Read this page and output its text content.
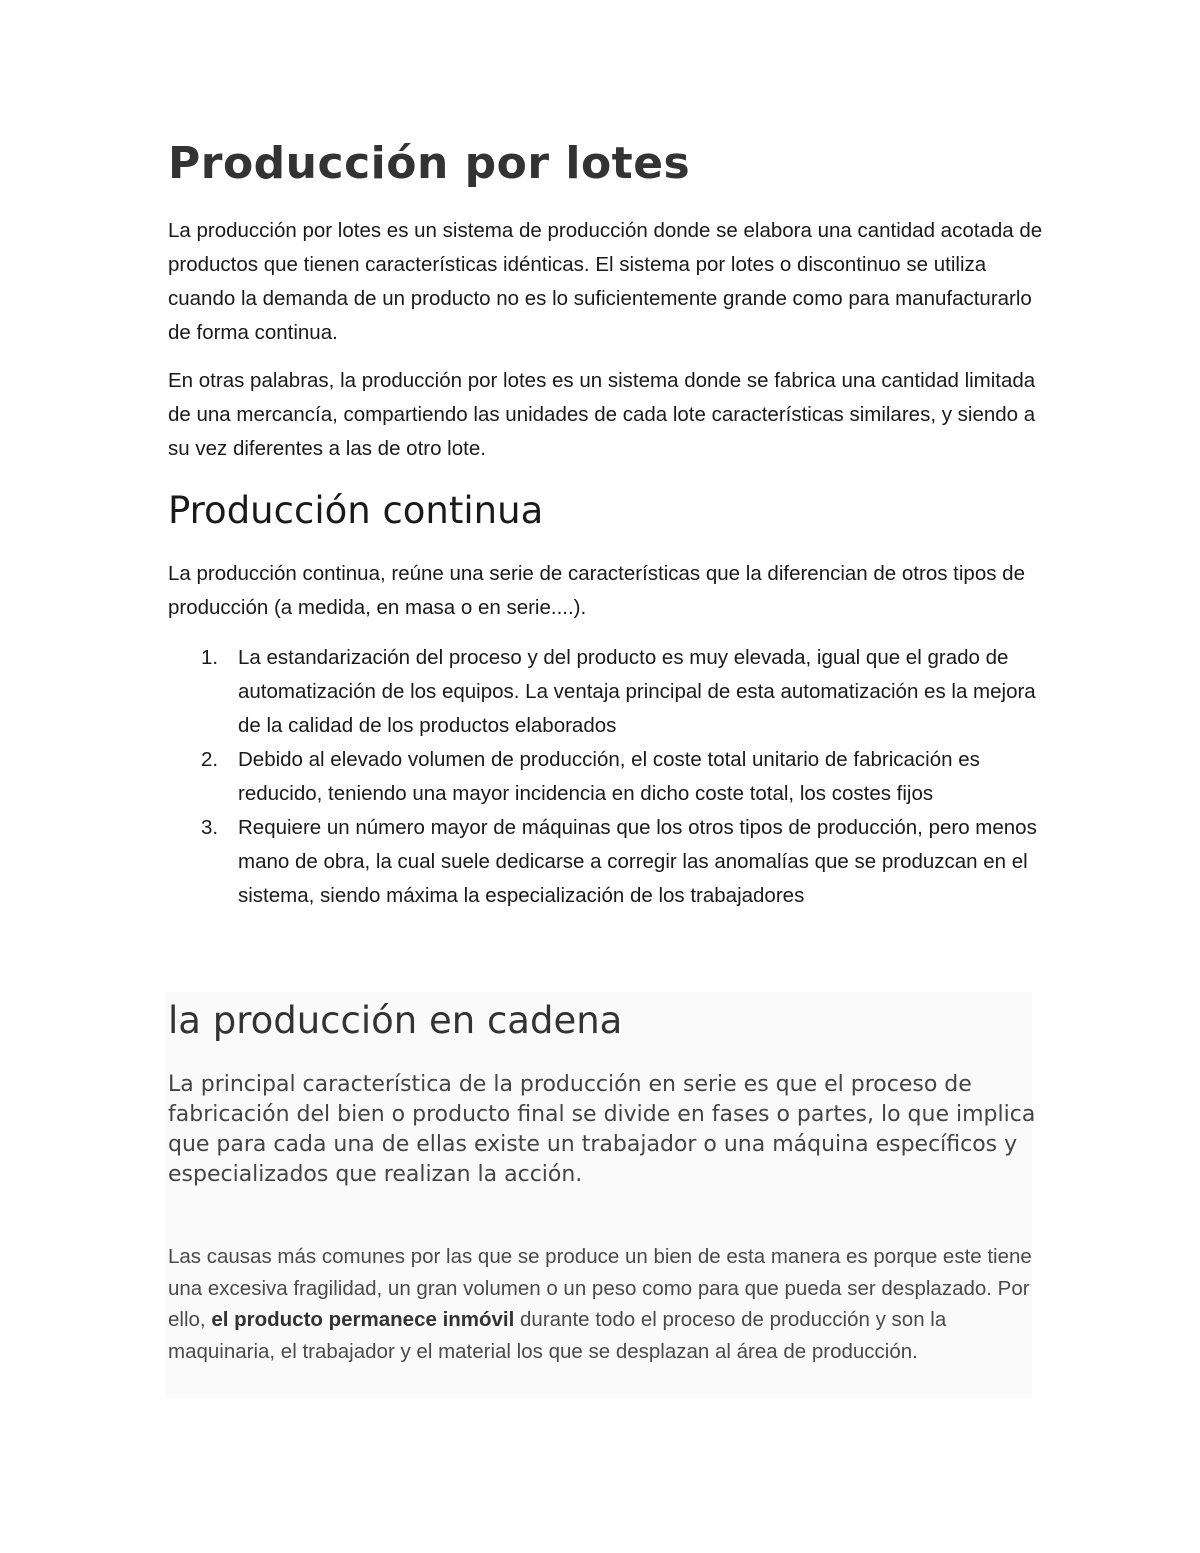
Producción por lotes

La producción por lotes es un sistema de producción donde se elabora una cantidad acotada de productos que tienen características idénticas. El sistema por lotes o discontinuo se utiliza cuando la demanda de un producto no es lo suficientemente grande como para manufacturarlo de forma continua.

En otras palabras, la producción por lotes es un sistema donde se fabrica una cantidad limitada de una mercancía, compartiendo las unidades de cada lote características similares, y siendo a su vez diferentes a las de otro lote.

Producción continua

La producción continua, reúne una serie de características que la diferencian de otros tipos de producción (a medida, en masa o en serie....).

1. La estandarización del proceso y del producto es muy elevada, igual que el grado de automatización de los equipos. La ventaja principal de esta automatización es la mejora de la calidad de los productos elaborados
2. Debido al elevado volumen de producción, el coste total unitario de fabricación es reducido, teniendo una mayor incidencia en dicho coste total, los costes fijos
3. Requiere un número mayor de máquinas que los otros tipos de producción, pero menos mano de obra, la cual suele dedicarse a corregir las anomalías que se produzcan en el sistema, siendo máxima la especialización de los trabajadores
la producción en cadena

La principal característica de la producción en serie es que el proceso de fabricación del bien o producto final se divide en fases o partes, lo que implica que para cada una de ellas existe un trabajador o una máquina específicos y especializados que realizan la acción.

Las causas más comunes por las que se produce un bien de esta manera es porque este tiene una excesiva fragilidad, un gran volumen o un peso como para que pueda ser desplazado. Por ello, el producto permanece inmóvil durante todo el proceso de producción y son la maquinaria, el trabajador y el material los que se desplazan al área de producción.
